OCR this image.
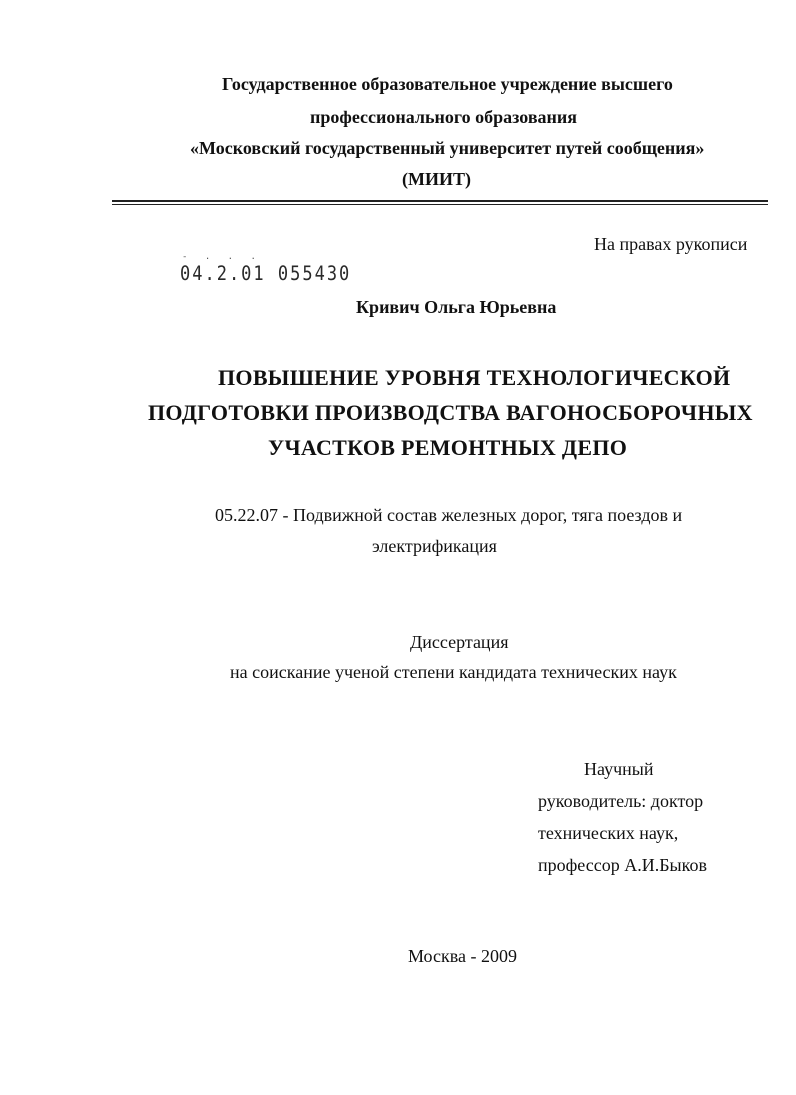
Государственное образовательное учреждение высшего
профессионального образования
«Московский государственный университет путей сообщения»
(МИИТ)
На правах рукописи
- . . .
04.2.01 055430
Кривич Ольга Юрьевна
ПОВЫШЕНИЕ УРОВНЯ ТЕХНОЛОГИЧЕСКОЙ
ПОДГОТОВКИ ПРОИЗВОДСТВА ВАГОНОСБОРОЧНЫХ
УЧАСТКОВ РЕМОНТНЫХ ДЕПО
05.22.07 - Подвижной состав железных дорог, тяга поездов и
электрификация
Диссертация
на соискание ученой степени кандидата технических наук
Научный
руководитель: доктор
технических наук,
профессор А.И.Быков
Москва - 2009
